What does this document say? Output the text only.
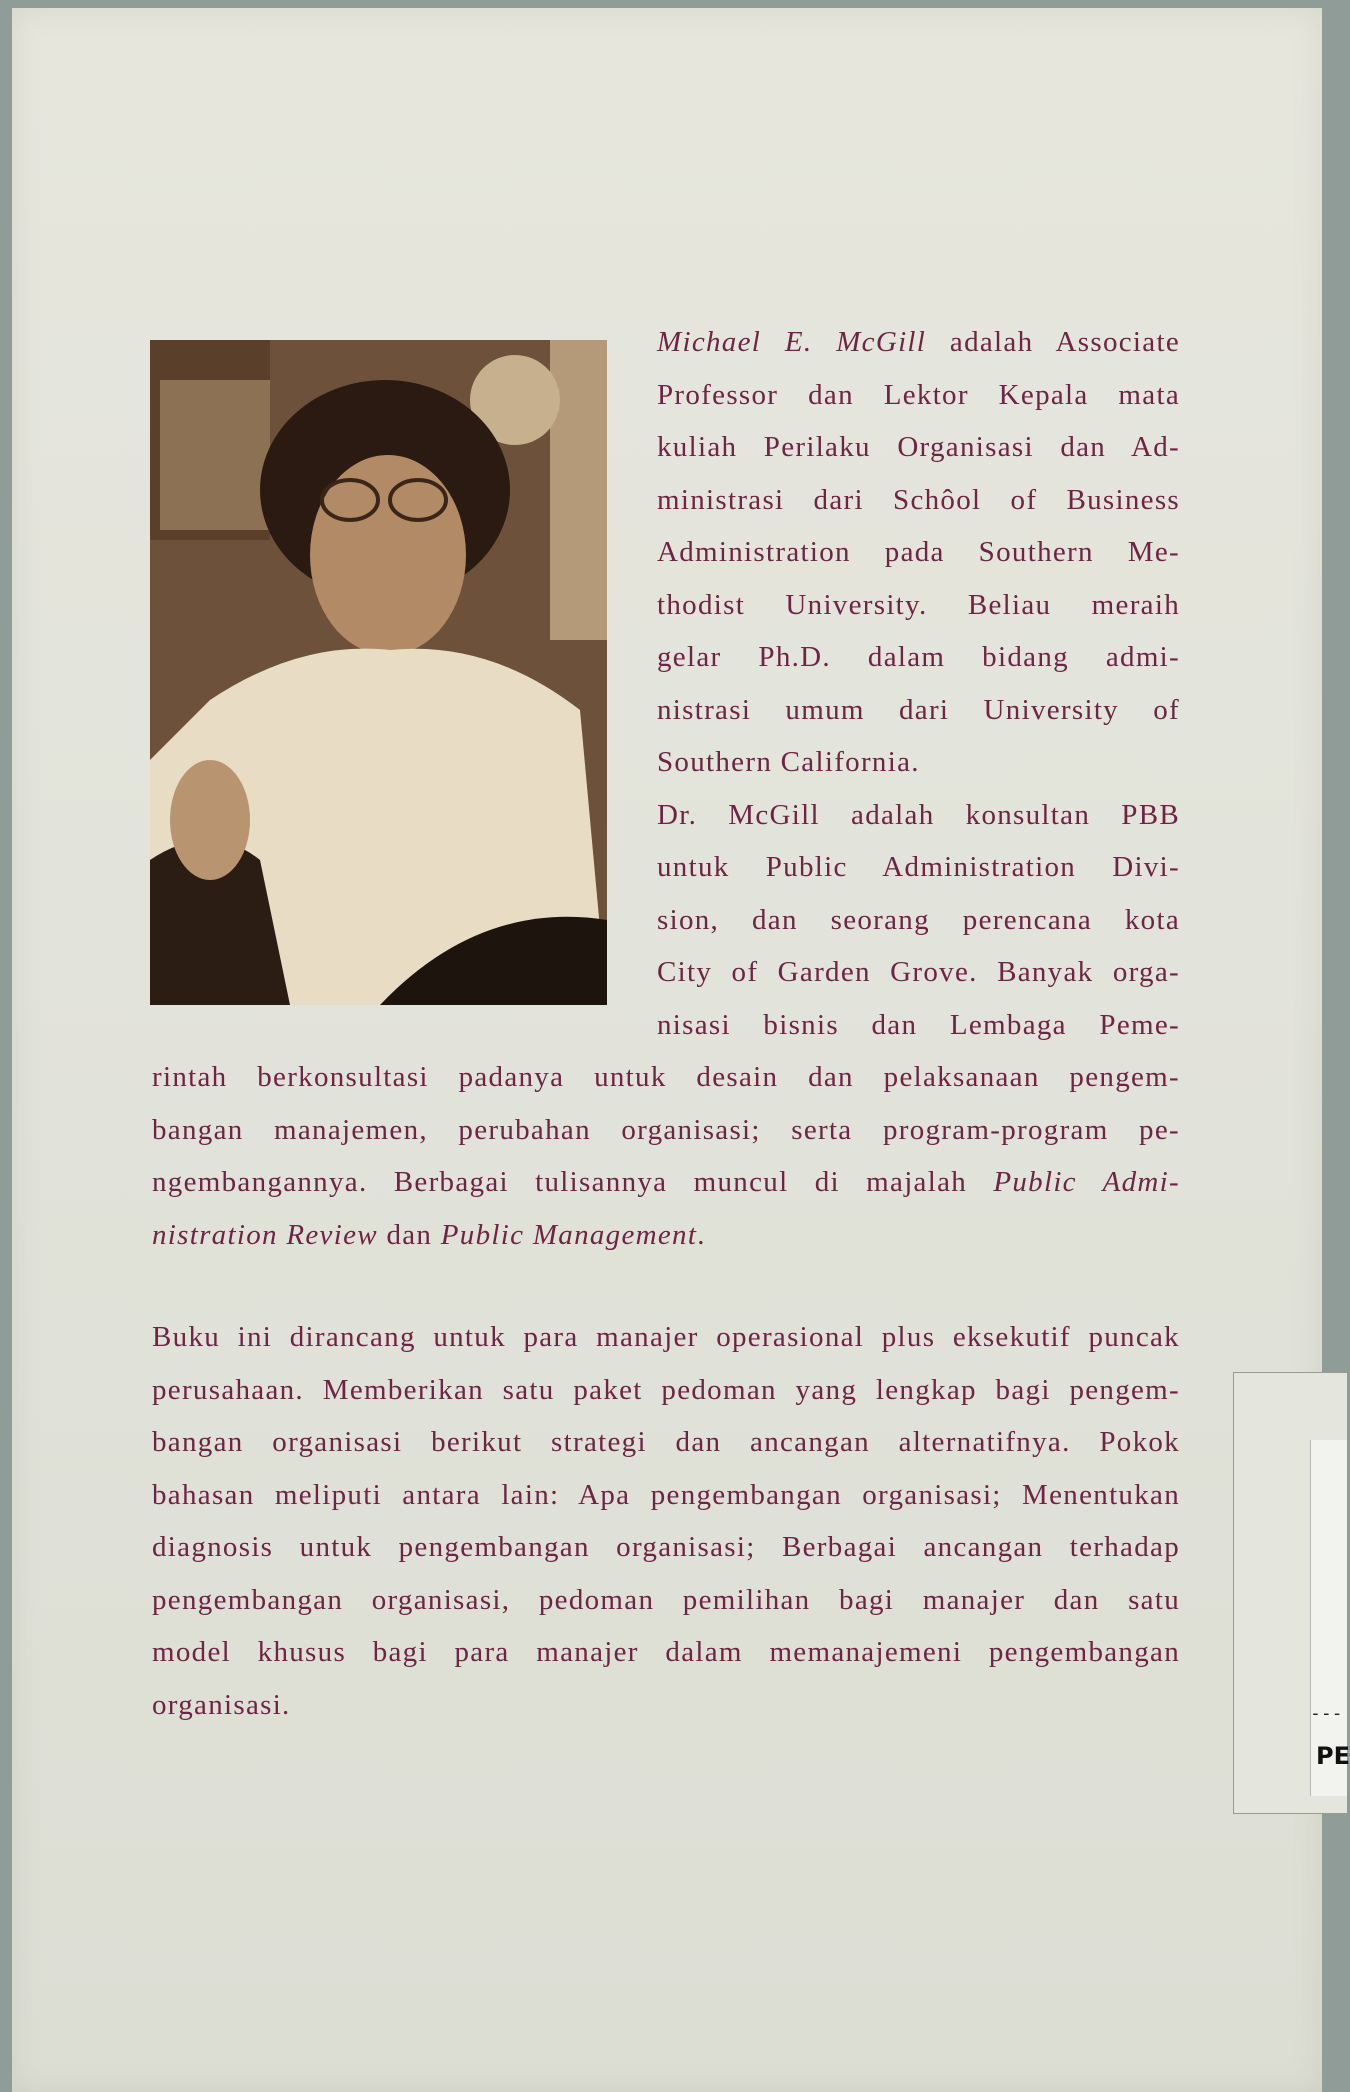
Michael E. McGill adalah Associate
Professor dan Lektor Kepala mata
kuliah Perilaku Organisasi dan Ad-
ministrasi dari Schôol of Business
Administration pada Southern Me-
thodist University. Beliau meraih
gelar Ph.D. dalam bidang admi-
nistrasi umum dari University of
Southern California.
Dr. McGill adalah konsultan PBB
untuk Public Administration Divi-
sion, dan seorang perencana kota
City of Garden Grove. Banyak orga-
nisasi bisnis dan Lembaga Peme-
rintah berkonsultasi padanya untuk desain dan pelaksanaan pengem-
bangan manajemen, perubahan organisasi; serta program-program pe-
ngembangannya. Berbagai tulisannya muncul di majalah Public Admi-
nistration Review dan Public Management.
Buku ini dirancang untuk para manajer operasional plus eksekutif puncak
perusahaan. Memberikan satu paket pedoman yang lengkap bagi pengem-
bangan organisasi berikut strategi dan ancangan alternatifnya. Pokok
bahasan meliputi antara lain: Apa pengembangan organisasi; Menentukan
diagnosis untuk pengembangan organisasi; Berbagai ancangan terhadap
pengembangan organisasi, pedoman pemilihan bagi manajer dan satu
model khusus bagi para manajer dalam memanajemeni pengembangan
organisasi.	---
PE
